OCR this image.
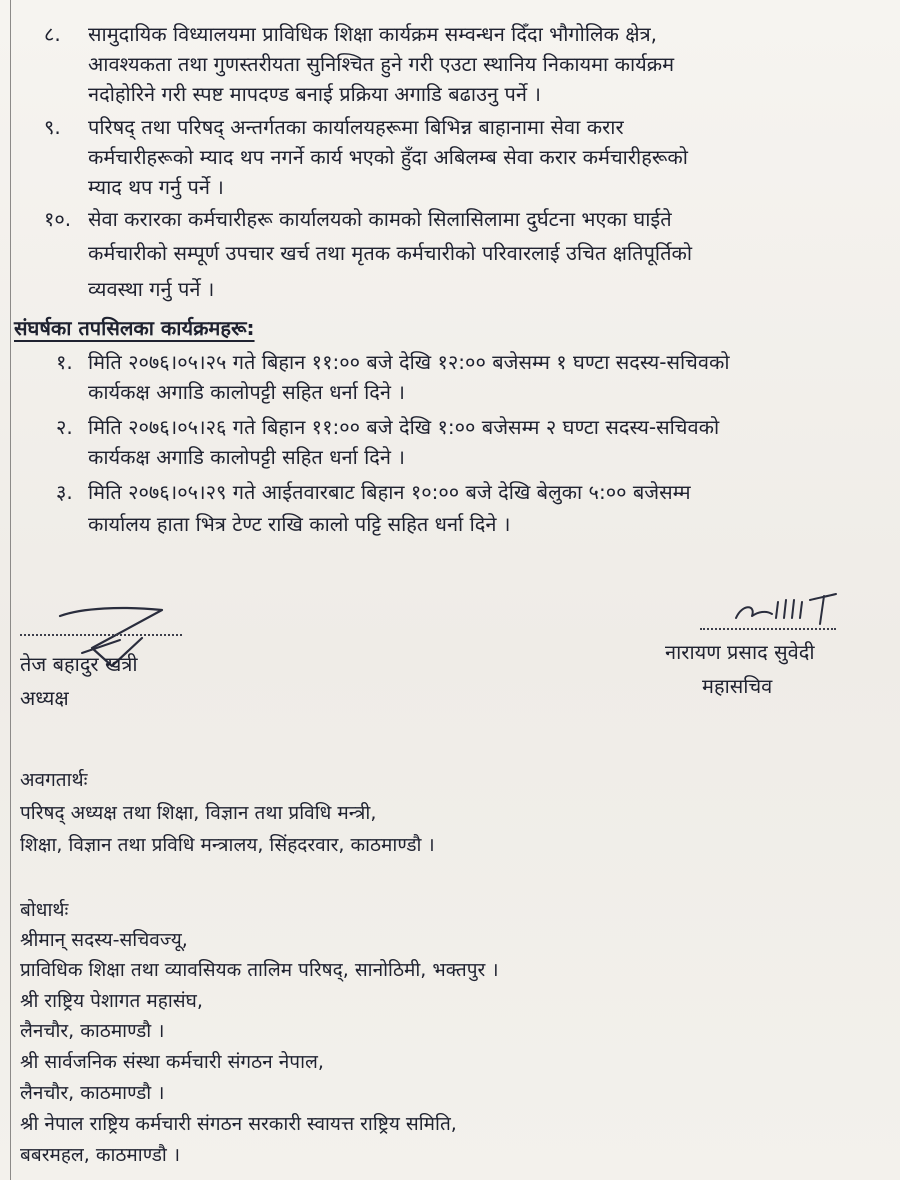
८.	सामुदायिक विध्यालयमा प्राविधिक शिक्षा कार्यक्रम सम्वन्धन दिँदा भौगोलिक क्षेत्र,
आवश्यकता तथा गुणस्तरीयता सुनिश्चित हुने गरी एउटा स्थानिय निकायमा कार्यक्रम
नदोहोरिने गरी स्पष्ट मापदण्ड बनाई प्रक्रिया अगाडि बढाउनु पर्ने ।
९.	परिषद् तथा परिषद् अन्तर्गतका कार्यालयहरूमा बिभिन्न बाहानामा सेवा करार
कर्मचारीहरूको म्याद थप नगर्ने कार्य भएको हुँदा अबिलम्ब सेवा करार कर्मचारीहरूको
म्याद थप गर्नु पर्ने ।
१०. सेवा करारका कर्मचारीहरू कार्यालयको कामको सिलासिलामा दुर्घटना भएका घाईते
कर्मचारीको सम्पूर्ण उपचार खर्च तथा मृतक कर्मचारीको परिवारलाई उचित क्षतिपूर्तिको
व्यवस्था गर्नु पर्ने ।
संघर्षका तपसिलका कार्यक्रमहरू:
१. मिति २०७६।०५।२५ गते बिहान ११:०० बजे देखि १२:०० बजेसम्म १ घण्टा सदस्य-सचिवको
कार्यकक्ष अगाडि कालोपट्टी सहित धर्ना दिने ।
२. मिति २०७६।०५।२६ गते बिहान ११:०० बजे देखि १:०० बजेसम्म २ घण्टा सदस्य-सचिवको
कार्यकक्ष अगाडि कालोपट्टी सहित धर्ना दिने ।
३. मिति २०७६।०५।२९ गते आईतवारबाट बिहान १०:०० बजे देखि बेलुका ५:०० बजेसम्म
कार्यालय हाता भित्र टेण्ट राखि कालो पट्टि सहित धर्ना दिने ।
तेज बहादुर खत्री
अध्यक्ष
नारायण प्रसाद सुवेदी
महासचिव
अवगतार्थः
परिषद् अध्यक्ष तथा शिक्षा, विज्ञान तथा प्रविधि मन्त्री,
शिक्षा, विज्ञान तथा प्रविधि मन्त्रालय, सिंहदरवार, काठमाण्डौ ।
बोधार्थः
श्रीमान् सदस्य-सचिवज्यू,
प्राविधिक शिक्षा तथा व्यावसियक तालिम परिषद्, सानोठिमी, भक्तपुर ।
श्री राष्ट्रिय पेशागत महासंघ,
लैनचौर, काठमाण्डौ ।
श्री सार्वजनिक संस्था कर्मचारी संगठन नेपाल,
लैनचौर, काठमाण्डौ ।
श्री नेपाल राष्ट्रिय कर्मचारी संगठन सरकारी स्वायत्त राष्ट्रिय समिति,
बबरमहल, काठमाण्डौ ।
